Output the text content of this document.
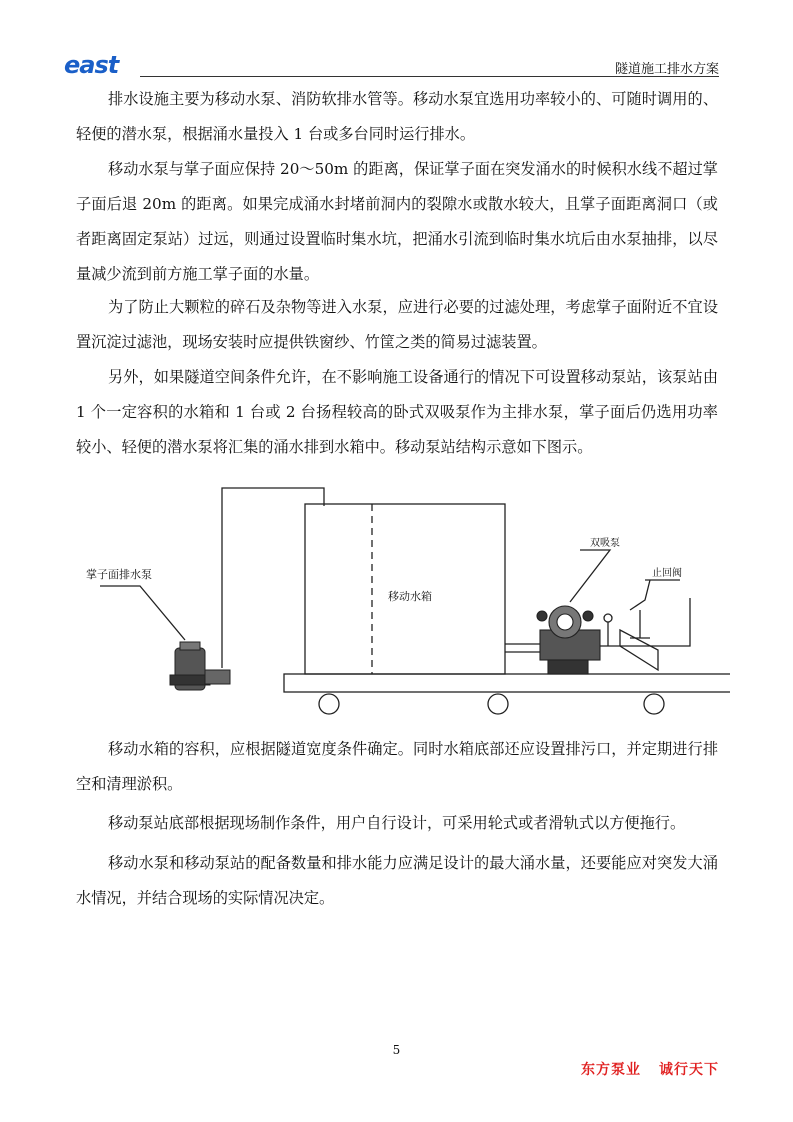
east	隧道施工排水方案

排水设施主要为移动水泵、消防软排水管等。移动水泵宜选用功率较小的、可随时调用的、轻便的潜水泵，根据涌水量投入 1 台或多台同时运行排水。

移动水泵与掌子面应保持 20～50m 的距离，保证掌子面在突发涌水的时候积水线不超过掌子面后退 20m 的距离。如果完成涌水封堵前洞内的裂隙水或散水较大，且掌子面距离洞口（或者距离固定泵站）过远，则通过设置临时集水坑，把涌水引流到临时集水坑后由水泵抽排，以尽量减少流到前方施工掌子面的水量。

为了防止大颗粒的碎石及杂物等进入水泵，应进行必要的过滤处理，考虑掌子面附近不宜设置沉淀过滤池，现场安装时应提供铁窗纱、竹筐之类的简易过滤装置。

另外，如果隧道空间条件允许，在不影响施工设备通行的情况下可设置移动泵站，该泵站由 1 个一定容积的水箱和 1 台或 2 台扬程较高的卧式双吸泵作为主排水泵，掌子面后仍选用功率较小、轻便的潜水泵将汇集的涌水排到水箱中。移动泵站结构示意如下图示。

掌子面排水泵
移动水箱
双吸泵
止回阀

移动水箱的容积，应根据隧道宽度条件确定。同时水箱底部还应设置排污口，并定期进行排空和清理淤积。

移动泵站底部根据现场制作条件，用户自行设计，可采用轮式或者滑轨式以方便拖行。

移动水泵和移动泵站的配备数量和排水能力应满足设计的最大涌水量，还要能应对突发大涌水情况，并结合现场的实际情况决定。

5
东方泵业 诚行天下
